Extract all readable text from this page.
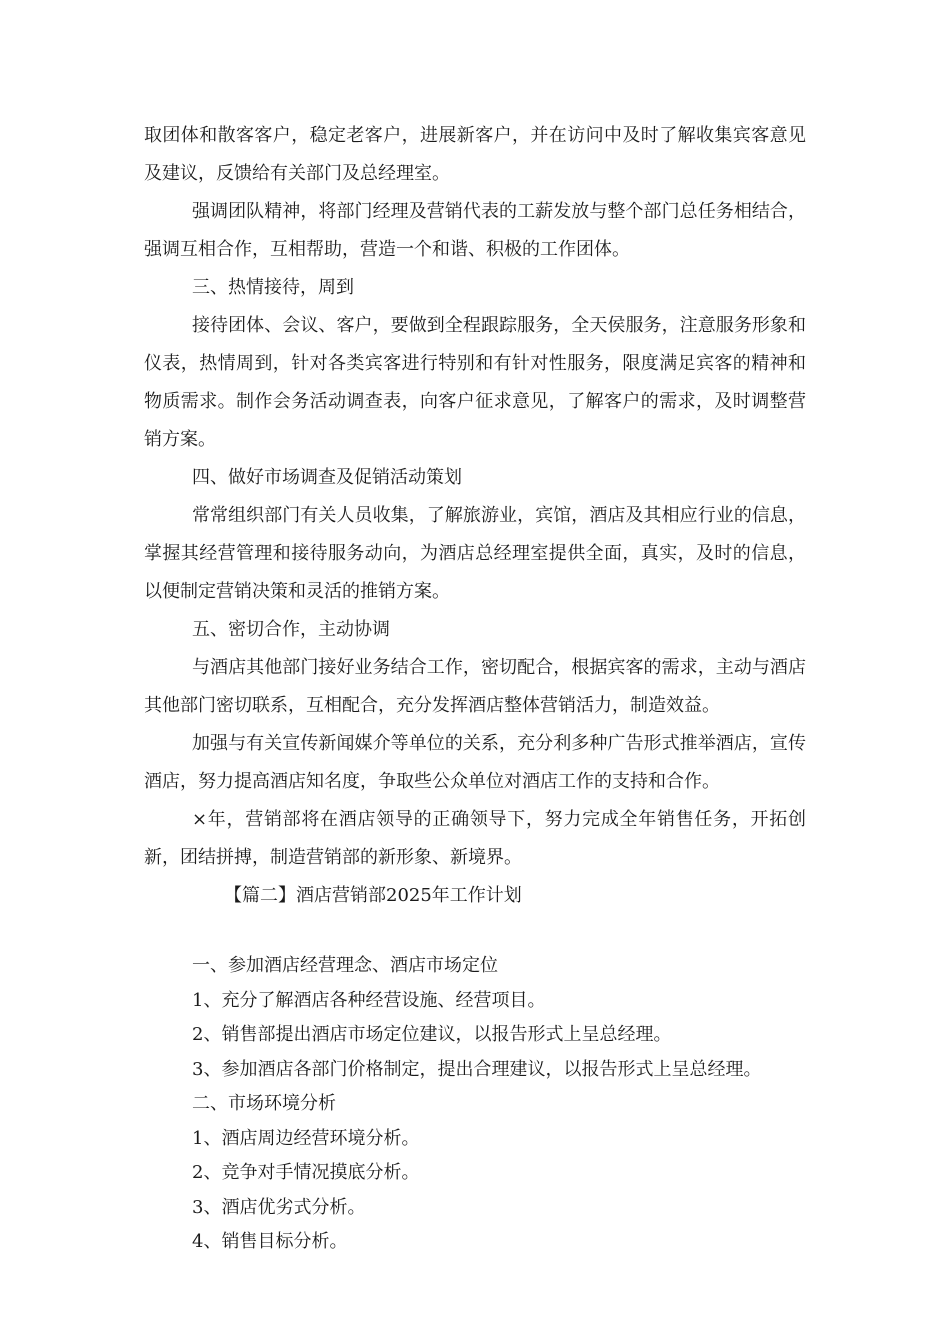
取团体和散客客户，稳定老客户，进展新客户，并在访问中及时了解收集宾客意见及建议，反馈给有关部门及总经理室。

强调团队精神，将部门经理及营销代表的工薪发放与整个部门总任务相结合，强调互相合作，互相帮助，营造一个和谐、积极的工作团体。

三、热情接待，周到

接待团体、会议、客户，要做到全程跟踪服务，全天侯服务，注意服务形象和仪表，热情周到，针对各类宾客进行特别和有针对性服务，限度满足宾客的精神和物质需求。制作会务活动调查表，向客户征求意见，了解客户的需求，及时调整营销方案。

四、做好市场调查及促销活动策划

常常组织部门有关人员收集，了解旅游业，宾馆，酒店及其相应行业的信息，掌握其经营管理和接待服务动向，为酒店总经理室提供全面，真实，及时的信息，以便制定营销决策和灵活的推销方案。

五、密切合作，主动协调

与酒店其他部门接好业务结合工作，密切配合，根据宾客的需求，主动与酒店其他部门密切联系，互相配合，充分发挥酒店整体营销活力，制造效益。

加强与有关宣传新闻媒介等单位的关系，充分利多种广告形式推举酒店，宣传酒店，努力提高酒店知名度，争取些公众单位对酒店工作的支持和合作。

×年，营销部将在酒店领导的正确领导下，努力完成全年销售任务，开拓创新，团结拼搏，制造营销部的新形象、新境界。

【篇二】酒店营销部2025年工作计划

一、参加酒店经营理念、酒店市场定位

1、充分了解酒店各种经营设施、经营项目。

2、销售部提出酒店市场定位建议，以报告形式上呈总经理。

3、参加酒店各部门价格制定，提出合理建议，以报告形式上呈总经理。

二、市场环境分析

1、酒店周边经营环境分析。

2、竞争对手情况摸底分析。

3、酒店优劣式分析。

4、销售目标分析。
